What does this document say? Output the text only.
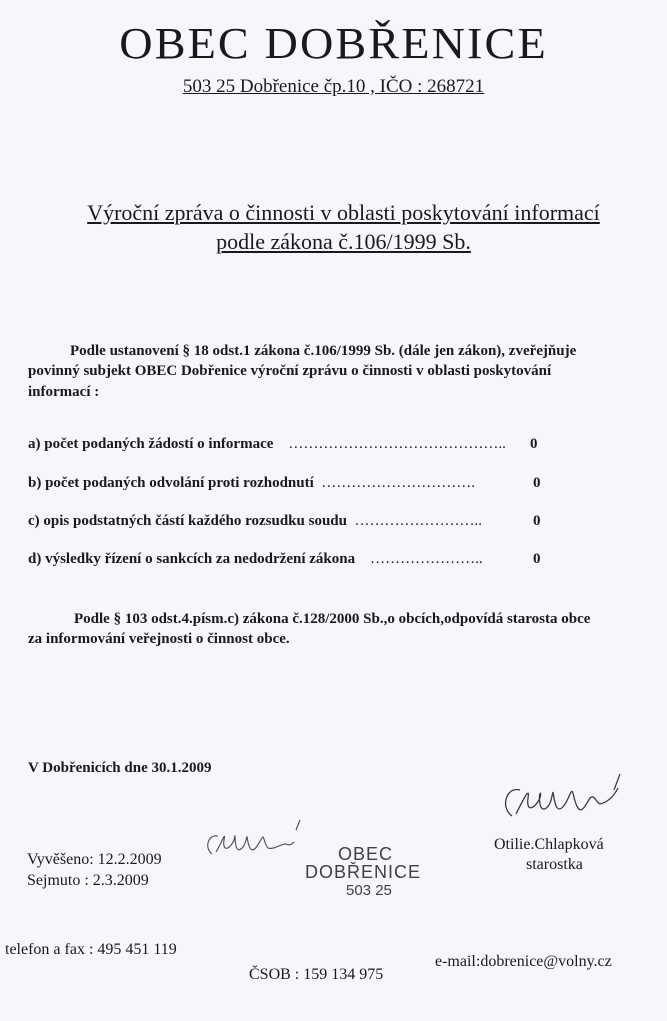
OBEC DOBŘENICE
503 25 Dobřenice čp.10 , IČO : 268721
Výroční zpráva o činnosti v oblasti poskytování informací
podle zákona č.106/1999 Sb.
Podle ustanovení § 18 odst.1 zákona č.106/1999 Sb. (dále jen zákon), zveřejňuje
povinný subjekt OBEC Dobřenice výroční zprávu o činnosti v oblasti poskytování
informací :
a) počet podaných žádostí o informace …………………………………….. 0
b) počet podaných odvolání proti rozhodnutí ………………………….	0
c) opis podstatných částí každého rozsudku soudu ……………………..	0
d) výsledky řízení o sankcích za nedodržení zákona …………………..	0
Podle § 103 odst.4.písm.c) zákona č.128/2000 Sb.,o obcích,odpovídá starosta obce
za informování veřejnosti o činnost obce.
V Dobřenicích dne 30.1.2009
Vyvěšeno: 12.2.2009
Sejmuto : 2.3.2009
OBEC
DOBŘENICE
503 25
Otilie.Chlapková
starostka
telefon a fax : 495 451 119
e-mail:dobrenice@volny.cz
ČSOB : 159 134 975
